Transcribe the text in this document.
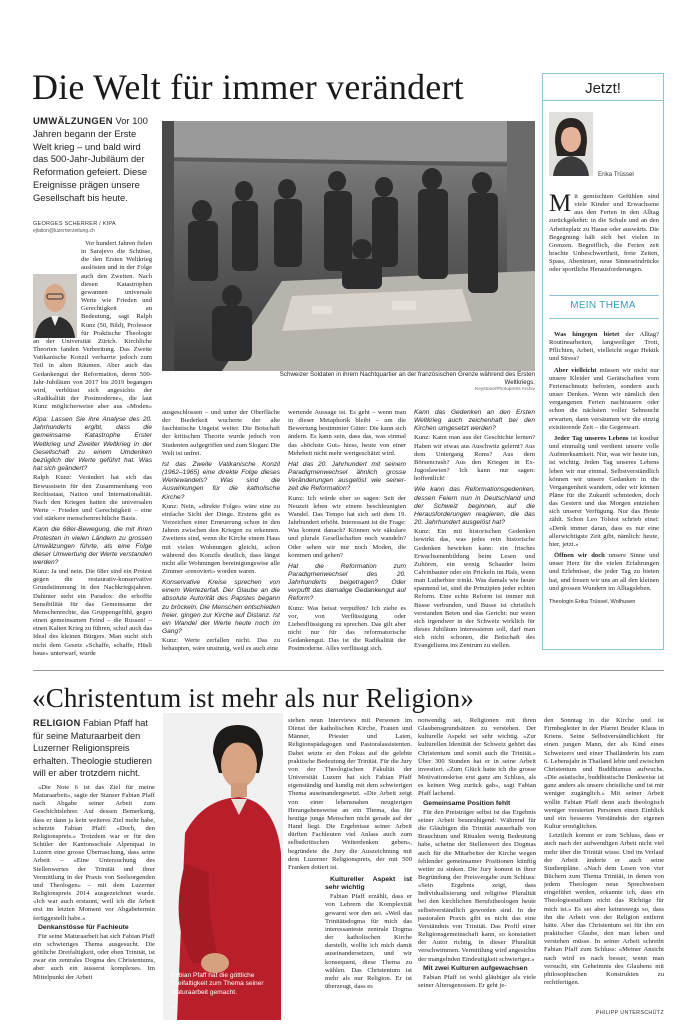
Die Welt für immer verändert
UMWÄLZUNGEN Vor 100 Jahren begann der Erste Welt krieg – und bald wird das 500-Jahr-Jubiläum der Reformation gefeiert. Diese Ereignisse prägen unsere Gesellschaft bis heute.
GEORGES SCHERRER / KIPA
ejlation@luzernerzeitung.ch
Schweizer Soldaten in ihrem Nachtquartier an der französischen Grenze während des Ersten Weltkriegs.
Keystone/Photopress Archiv

Vor hundert Jahren fielen in Sarajevo die Schüsse, die den Ersten Weltkrieg auslösten und in der Folge auch den Zweiten. Nach diesen Katastrophen gewannen universale Werte wie Frieden und Gerechtigkeit an Bedeutung, sagt Ralph Kunz (50, Bild), Professor für Praktische Theologie an der Universität Zürich. Kirchliche Theorien fanden Verbreitung. Das Zweite Vatikanische Konzil verharrte jedoch zum Teil in alten Räumen. Aber auch das Gedankengut der Reformation, deren 500-Jahr-Jubiläum von 2017 bis 2019 begangen wird, verblüsst sich angesichts der «Radikalität der Postmoderne», die laut Kunz möglicherweise aber aus «Moden»

Kipa: Lassen Sie ihre Analyse des 20. Jahrhunderts ergibt, dass die gemeinsame Katastrophe Erster Weltkrieg und Zweiter Weltkrieg in der Gesellschaft zu einem Umdenken bezüglich der Werte geführt hat. Was hat sich geändert?

Ralph Kunz: Verändert hat sich das Bewusstsein für den Zusammenhang von Rechtsstaat, Nation und Internationalität. Nach den Kriegen hatten die universalen Werte – Frieden und Gerechtigkeit – eine viel stärkere menschenrechtliche Basis.

Kann die 68er-Bewegung, die mit ihren Protesten in vielen Ländern zu grossen Umwälzungen führte, als eine Folge dieser Umwertung der Werte verstanden werden?

Kunz: Ja und nein. Die 68er sind ein Protest gegen die restaurativ-konservative Grundstimmung in den Nachkriegsjahren. Dahinter steht ein Paradox: die erhoffte Sensibilität für das Gemeinsame der Menschenrechte, das Gruppengefühl, gegen einen gemeinsamen Feind – die Russen! – einen Kalten Krieg zu führen, schuf auch das Ideal des kleinen Bürgers. Man sucht sich nicht dem Gesetz «Schaffe, schaffe, Hüsli baue» unterwarf, wurde

ausgeschlossen – und unter der Oberfläche der Biederkeit wucherte der alte faschistische Ungeist weiter. Die Botschaft der kritischen Theorie wurde jedoch von Studenten aufgegriffen und zum Slogan: Die Welt ist unfrei.

Ist das Zweite Vatikanische Konzil (1962–1965) eine direkte Folge dieses Wertewandels? Was sind die Auswirkungen für die katholische Kirche?

Kunz: Nein, «direkte Folge» wäre eine zu einfache Sicht der Dinge. Erstens gibt es Vorzeichen einer Erneuerung schon in den Jahren zwischen den Kriegen zu erkennen. Zweitens sind, wenn die Kirche einem Haus mit vielen Wohnungen gleicht, schon während des Konzils deutlich, dass längst nicht alle Wohnungen bereinigungswise alle Zimmer «renoviert» worden waren.

Konservative Kreise sprechen von einem Wertezerfall. Der Glaube an die absolute Autorität des Papstes begann zu bröckeln. Die Menschen entschieden freier, gingen zur Kirche auf Distanz. Ist ein Wandel der Werte heute noch im Gang?

Kunz: Werte zerfallen nicht. Das zu behaupten, wäre unsinnig, weil es auch eine

wertende Aussage ist. Es geht – wenn man in dieser Metaphorik bleibt – um die Bewertung bestimmter Güter: Die kann sich ändern. Es kann sein, dass das, was einmal das «höchste Gut» hiess, heute von einer Mehrheit nicht mehr wertgeschätzt wird.

Hat das 20. Jahrhundert mit seinem Paradigmenwechsel ähnlich grosse Veränderungen ausgelöst wie seiner- zeit die Reformation?

Kunz: Ich würde eher so sagen: Seit der Neuzeit leben wir einem beschleunigten Wandel. Das Tempo hat sich seit dem 19. Jahrhundert erhöht. Interessant ist die Frage: Was kommt danach? Können wir säkulare und plurale Gesellschaften noch wandeln? Oder sehen wir nur noch Moden, die kommen und gehen?

Hat die Reformation zum Paradigmenwechsel des 20. Jahrhunderts beigetragen? Oder verpufft das damalige Gedankengut auf Reform?

Kunz: Was heisst verpuffen? Ich ziehe es vor, von Verflüssigung oder Liebesflüssigung zu sprechen. Das gilt aber nicht nur für das reformatorische Gedankengut. Das ist die Radikalität der Postmoderne. Alles verflüssigt sich.

Kann das Gedenken an den Ersten Weltkrieg auch zeichenhaft bei den Kirchen umgesetzt werden?

Kunz: Kann man aus der Geschichte lernen? Haben wir etwas aus Auschwitz gelernt? Aus dem Untergang Roms? Aus dem Börsencrash? Aus den Kriegen in Ex-Jugoslawien? Ich kann nur sagen: hoffentlich!

Wie kann das Reformationsgedenken, dessen Feiern nun in Deutschland und der Schweiz beginnen, auf die Herausforderungen reagieren, die das 20. Jahrhundert ausgelöst hat?

Kunz: Ein mit historischen Gedenken bewirkt das, was jedes rein historische Gedenken bewirken kann: ein frisches Erwachsenenbildung beim Lesen und Zuhören, ein wenig Schauder beim Calvinbauter oder ein Prickeln im Hals, wenn man Lutherbier trinkt. Was damals wie heute spannend ist, sind die Prinzipien jeder echten Reform. Eine echte Reform ist immer mit Busse verbunden, und Busse ist christlich verstanden Beten und das Gericht: nur wenn sich irgendwer in der Schweiz wirklich für dieses Jubiläum interessieren soll, darf man sich nicht schonen, die Botschaft des Evangeliums ins Zentrum zu stellen.

Jetzt!
Erika Trüssel
M it gemischten Gefühlen sind viele Kinder und Erwachsene aus den Ferien in den Alltag zurückgekehrt: in die Schule und an den Arbeitsplatz zu Hause oder auswärts. Die Begegnung hält sich bei vielen in Grenzen. Begreiflich, die Ferien zeit brachte Unbeschwertheit, freie Zeiten, Spass, Abenteuer, neue Sinneseindrücke oder sportliche Herausforderungen.
MEIN THEMA

Was hingegen bietet der Alltag? Routinearbeiten, langweiliger Trott, Pflichten, Arbeit, vielleicht sogar Hektik und Stress?

Aber vielleicht müssen wir nicht nur unsere Kleider und Gerätschaften vom Ferienschmutz befreien, sondern auch unser Denken. Wenn wir nämlich den vergangenen Ferien nachtrauern oder schon die nächsten voller Sehnsucht erwarten, dann versäumen wir die einzig existierende Zeit – die Gegenwart.

Jeder Tag unseres Lebens ist kostbar und einmalig und verdient unsere volle Aufmerksamkeit. Nur, was wir heute tun, ist wichtig. Jeden Tag unseres Lebens leben wir nur einmal. Selbstverständlich können wir unsere Gedanken in die Vergangenheit wandern, oder wir können Pläne für die Zukunft schmieden, doch das Gestern und das Morgen entziehen sich unserer Verfügung. Nur das Heute zählt. Schon Leo Tolstoi schrieb einst: «Denk immer daran, dass es nur eine allerwichtigste Zeit gibt, nämlich: heute, hier, jetzt.»

Öffnen wir doch unsere Sinne und unser Herz für die vielen Erfahrungen und Erlebnisse, die jeder Tag zu bieten hat, und freuen wir uns an all den kleinen und grossen Wundern im Alltagsleben.

Theologin Erika Trüssel, Wolhusen

«Christentum ist mehr als nur Religion»
RELIGION Fabian Pfaff hat für seine Maturaarbeit den Luzerner Religionspreis erhalten. Theologie studieren will er aber trotzdem nicht.
Fabian Pfaff hat die göttliche Dreifaltigkeit zum Thema seiner Maturaarbeit gemacht.
PD

«Die Note 6 ist das Ziel für meine Maturaarbeit», sagte der Stanser Fabian Pfaff nach Abgabe seiner Arbeit zum Geschichtslehrer. Auf dessen Bemerkung, dass er dann ja kein weiteres Ziel mehr habe, scherzte Fabian Pfaff: «Doch, den Religionspreis.» Trotzdem war er für den Schüler der Kantonsschule Alpenquai in Luzern eine grosse Überraschung, dass seine Arbeit – «Eine Untersuchung des Stellenwertes der Trinität und ihrer Vermittlung in der Praxis von Seelsorgenden und Theologen» – mit dem Luzerner Religionspreis 2014 ausgezeichnet wurde. «Ich war auch erstaunt, weil ich die Arbeit erst im letzten Moment vor Abgabetermin fertiggestellt habe.»

Denkanstösse für Fachleute

Für seine Maturaarbeit hat sich Fabian Pfaff ein schwieriges Thema ausgesucht. Die göttliche Dreifaltigkeit, oder eben Trinität, ist zwar ein zentrales Dogma des Christentums, aber auch ein äusserst komplexes. Im Mittelpunkt der Arbeit

stehen neun Interviews mit Personen im Dienst der katholischen Kirche, Frauen und Männer, Priester und Laien, Religionspädagogen und Pastoralassistenten. Dabei setzte er den Fokus auf die gelebte praktische Bedeutung der Trinität. Für die Jury von der Theologischen Fakultät der Universität Luzern hat sich Fabian Pfaff eigenständig und kundig mit dem schwierigen Thema auseinandergesetzt. «Die Arbeit zeigt von einer lebensnahen neugierigen Herangehensweise an ein Thema, das für heutige junge Menschen nicht gerade auf der Hand liegt. Die Ergebnisse seiner Arbeit dürften Fachleuten viel Anlass auch zum selbstkritischen Weiterdenken geben», begründete die Jury die Auszeichnung mit dem Luzerner Religionspreis, der mit 500 Franken dotiert ist.

Kultureller Aspekt ist sehr wichtig

Fabian Pfaff erzählt, dass er von Lehrern die Komplexität gewarnt wor den sei. «Weil das Trinitätsdogma für mich das interessanteste zentrale Dogma der katholischen Kirche darstellt, wollte ich mich damit auseinandersetzen, und wir konsequent, diese Thema zu wählen. Das Christentum ist mehr als nur Religion. Er ist überzeugt, dass es

notwendig sei, Religionen mit ihren Glaubensgrundsätzen zu verstehen. Der kulturelle Aspekt sei sehr wichtig. «Zur kulturellen Identität der Schweiz gehört das Christentum und somit auch die Trinität.» Über 300 Stunden hat er in seine Arbeit investiert. «Zum Glück hatte ich die grosse Motivationskrise erst ganz am Schluss, als es keinen Weg zurück gab», sagt Fabian Pfaff lachend.

Gemeinsame Position fehlt

Für den Preisträger selbst ist das Ergebnis seiner Arbeit beunruhigend: Während für die Gläubigen die Trinität ausserhalb von Brauchtum und Ritualen wenig Bedeutung habe, scheine der Stellenwert des Dogmas auch für die Mitarbeiter der Kirche wegen fehlender gemeinsamer Positionen künftig weiter zu sinken. Die Jury kommt in ihrer Begründung der Preisvergabe zum Schluss: «Sein Ergebnis zeigt, dass Individualisierung und religiöse Pluralität bei den kirchlichen Berufstheologen heute selbstverständlich geworden sind. In der pastoralen Praxis gibt es nicht das eine Verständnis von Trinität. Das Profil einer Religionsgemeinschaft kann, so konstatiert der Autor richtig, in dieser Pluralität verschwimmen. Vermittlung wird angesichts der mangelnden Eindeutigkeit schwieriger.»

Mit zwei Kulturen aufgewachsen

Fabian Pfaff ist wohl gläubiger als viele seiner Altersgenossen. Er geht je-

den Sonntag in die Kirche und ist Firmbegleiter in der Pfarrei Bruder Klaus in Kriens. Seine Selbstverständlichkeit für einen jungen Mann, der als Kind eines Schweizers und einer Thailänderin bis zum 6. Lebensjahr in Thailand lebte und zwischen Christentum und Buddhismus aufwuchs. «Die asiatische, buddhistische Denkweise ist ganz anders als unsere christliche und ist mir weniger zugänglich.» Mit seiner Arbeit wollte Fabian Pfaff denn auch theologisch weniger versierten Personen einen Einblick und ein besseres Verständnis der eigenen Kultur ermöglichen.

Letztlich kommt er zum Schluss, dass er auch nach der aufwendigen Arbeit nicht viel mehr über die Trinität wisse. Und im Verlauf der Arbeit änderte er auch seine Studienpläne. «Nach dem Lesen von vier Büchern zum Thema Trinität, in denen von jedem Theologen neue Sprechweisen eingeführt werden, erkannte ich, dass ein Theologiestudium nicht das Richtige für mich ist.» Es sei aber keineswegs so, dass ihn die Arbeit von der Religion entfernt hätte. Aber das Christentum sei für ihn ein praktischer Glaube, den man leben und verstehen müsse. In seiner Arbeit schreibt Fabian Pfaff zum Schluss: «Meiner Ansicht nach wird es nach besser, wenn man versucht, ein Geheimnis des Glaubens mit philosophischen Konstrukten zu rechtfertigen.

PHILIPP UNTERSCHÜTZ
